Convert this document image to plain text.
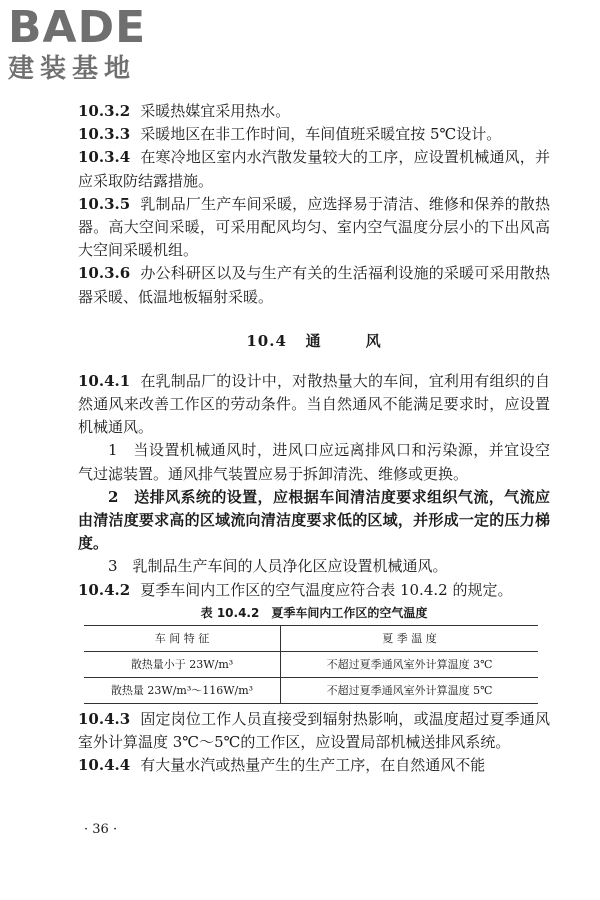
BADE
建装基地

10.3.2 采暖热媒宜采用热水。

10.3.3 采暖地区在非工作时间，车间值班采暖宜按 5℃设计。

10.3.4 在寒冷地区室内水汽散发量较大的工序，应设置机械通风，并应采取防结露措施。

10.3.5 乳制品厂生产车间采暖，应选择易于清洁、维修和保养的散热器。高大空间采暖，可采用配风均匀、室内空气温度分层小的下出风高大空间采暖机组。

10.3.6 办公科研区以及与生产有关的生活福利设施的采暖可采用散热器采暖、低温地板辐射采暖。

10.4 通	风

10.4.1 在乳制品厂的设计中，对散热量大的车间，宜利用有组织的自然通风来改善工作区的劳动条件。当自然通风不能满足要求时，应设置机械通风。

1　当设置机械通风时，进风口应远离排风口和污染源，并宜设空气过滤装置。通风排气装置应易于拆卸清洗、维修或更换。

2　送排风系统的设置，应根据车间清洁度要求组织气流，气流应由清洁度要求高的区域流向清洁度要求低的区域，并形成一定的压力梯度。

3　乳制品生产车间的人员净化区应设置机械通风。

10.4.2 夏季车间内工作区的空气温度应符合表 10.4.2 的规定。

表 10.4.2　夏季车间内工作区的空气温度
车 间 特 征	夏 季 温 度
散热量小于 23W/m³	不超过夏季通风室外计算温度 3℃
散热量 23W/m³～116W/m³	不超过夏季通风室外计算温度 5℃

10.4.3 固定岗位工作人员直接受到辐射热影响，或温度超过夏季通风室外计算温度 3℃～5℃的工作区，应设置局部机械送排风系统。

10.4.4 有大量水汽或热量产生的生产工序，在自然通风不能

· 36 ·
